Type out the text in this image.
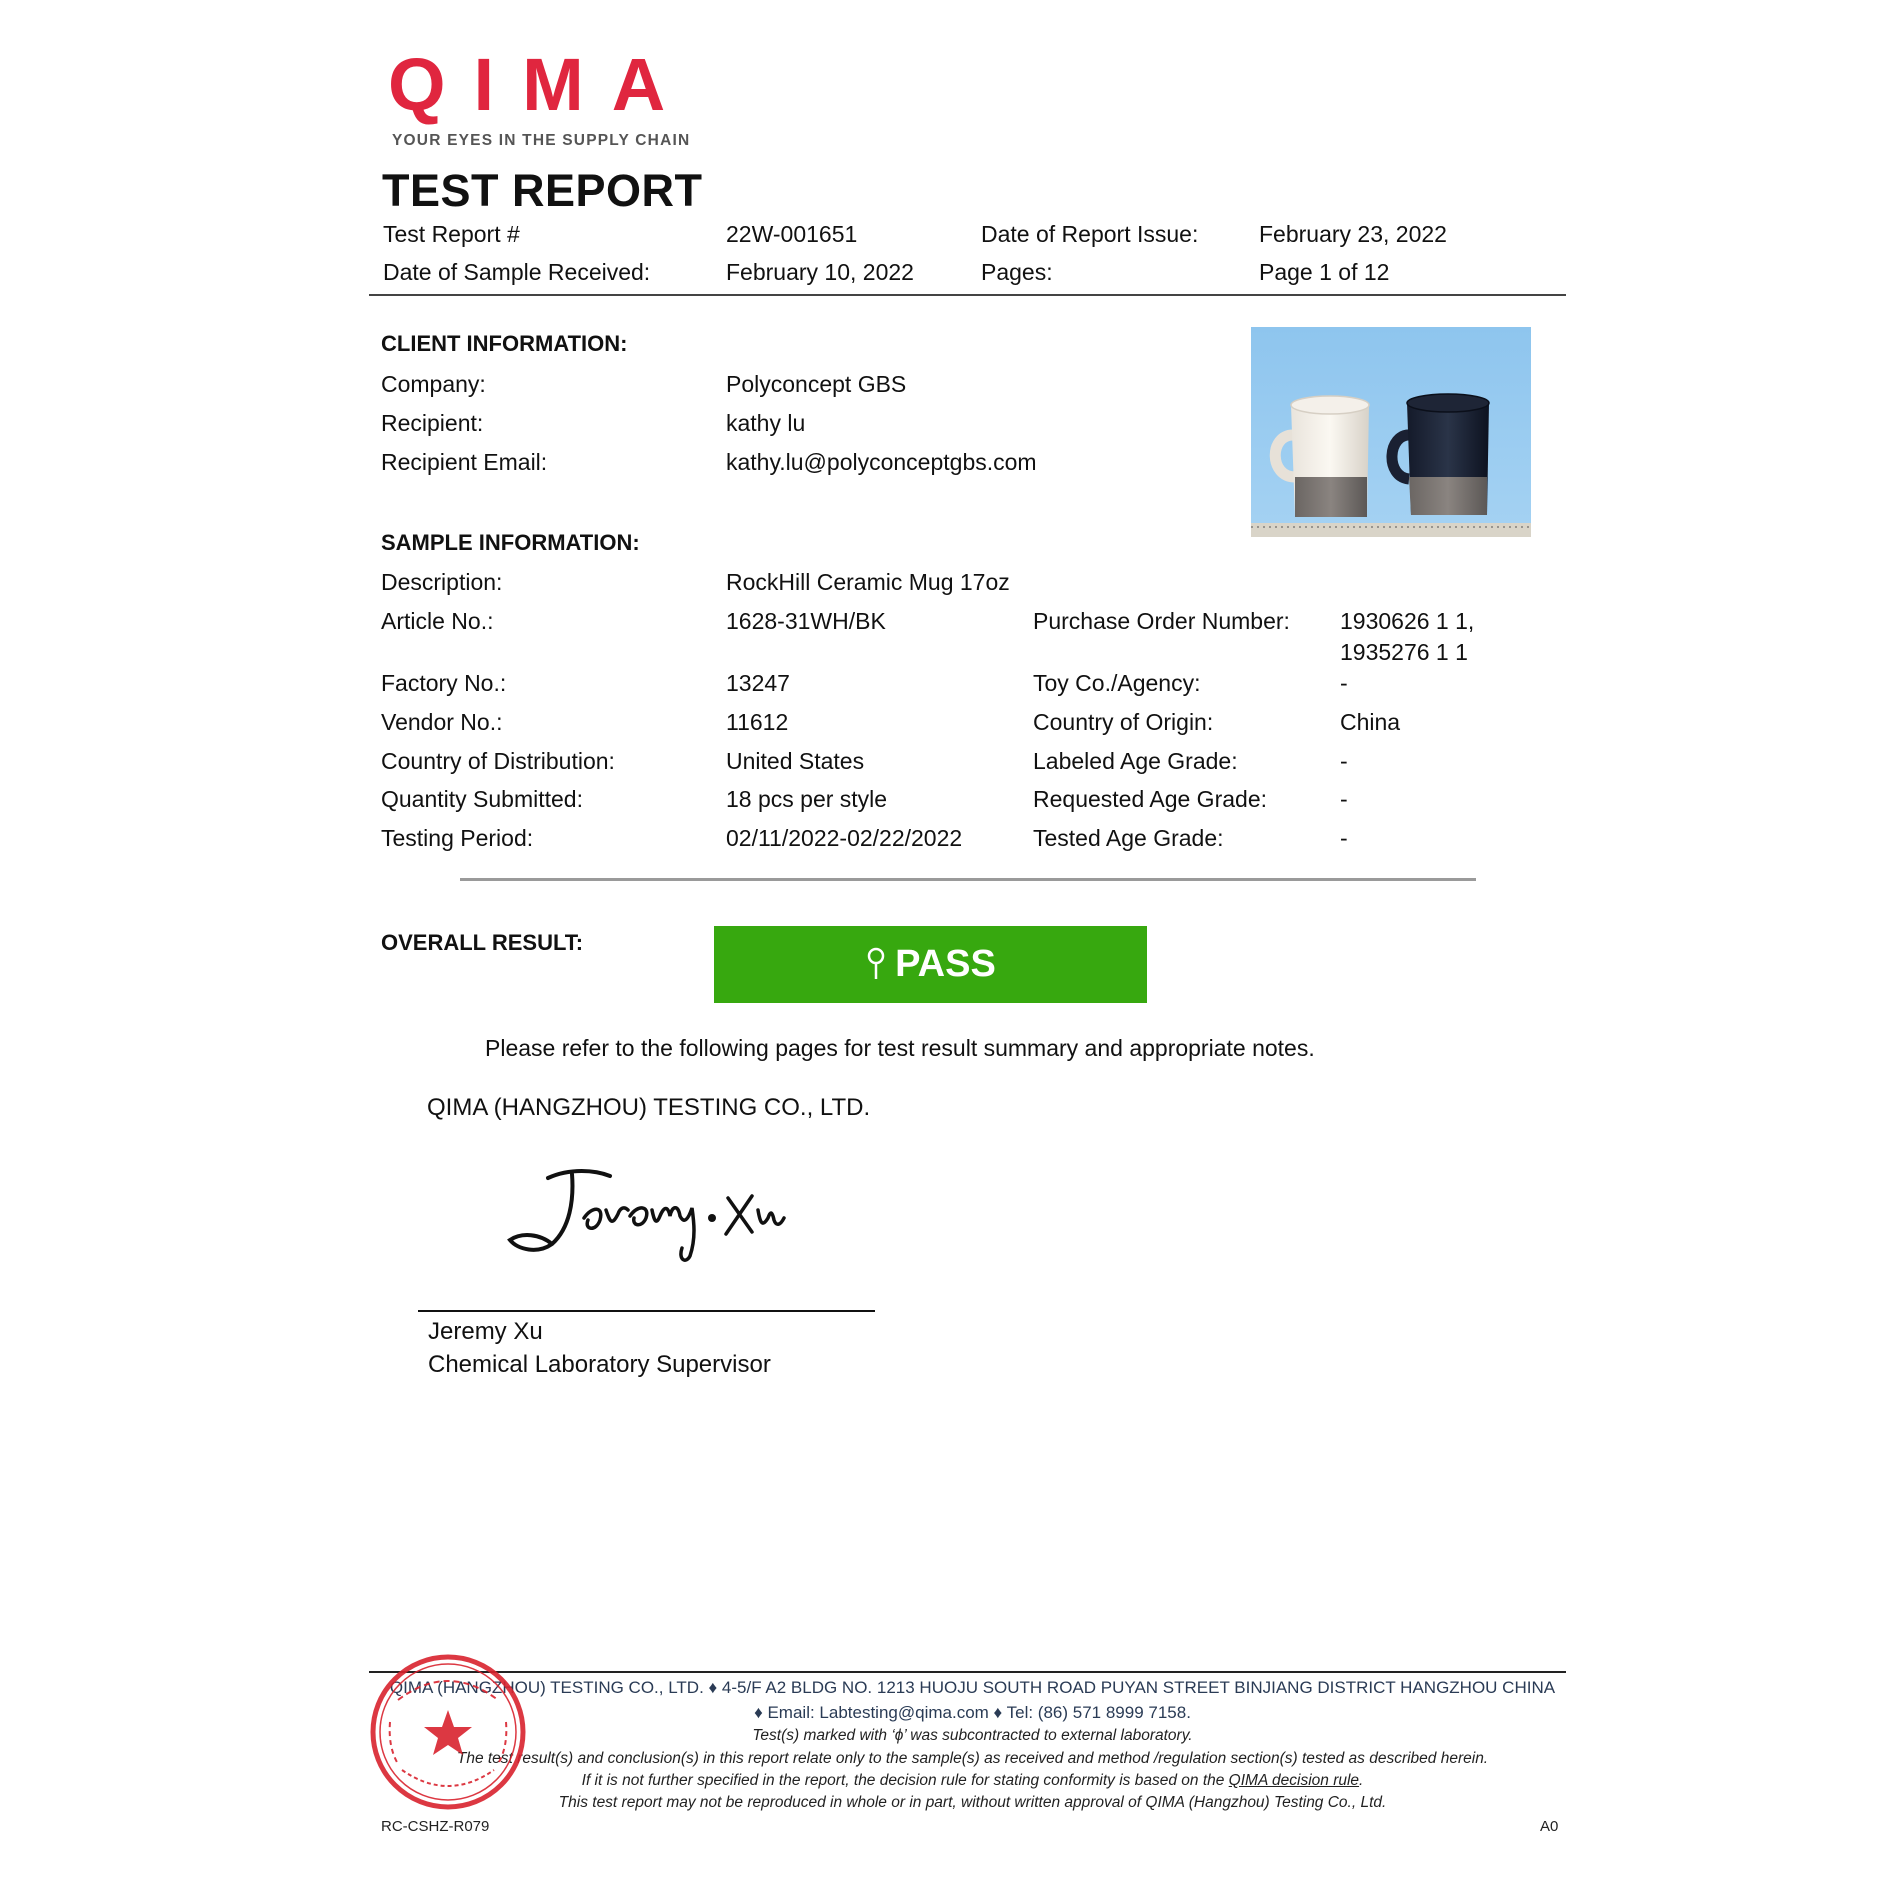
QIMA
YOUR EYES IN THE SUPPLY CHAIN
TEST REPORT
Test Report #	22W-001651	Date of Report Issue:	February 23, 2022
Date of Sample Received:	February 10, 2022	Pages:	Page 1 of 12
CLIENT INFORMATION:
Company:	Polyconcept GBS
Recipient:	kathy lu
Recipient Email:	kathy.lu@polyconceptgbs.com
SAMPLE INFORMATION:
Description:	RockHill Ceramic Mug 17oz
Article No.:	1628-31WH/BK	Purchase Order Number: 1930626 1 1,
1935276 1 1
Factory No.:	13247	Toy Co./Agency:	-
Vendor No.:	11612	Country of Origin:	China
Country of Distribution:	United States	Labeled Age Grade:	-
Quantity Submitted:	18 pcs per style	Requested Age Grade:	-
Testing Period:	02/11/2022-02/22/2022	Tested Age Grade:	-
OVERALL RESULT:
PASS
Please refer to the following pages for test result summary and appropriate notes.
QIMA (HANGZHOU) TESTING CO., LTD.
Jeremy Xu
Chemical Laboratory Supervisor
QIMA (HANGZHOU) TESTING CO., LTD. ♦ 4-5/F A2 BLDG NO. 1213 HUOJU SOUTH ROAD PUYAN STREET BINJIANG DISTRICT HANGZHOU CHINA
♦ Email: Labtesting@qima.com ♦ Tel: (86) 571 8999 7158.
Test(s) marked with ‘ϕ’ was subcontracted to external laboratory.
The test result(s) and conclusion(s) in this report relate only to the sample(s) as received and method /regulation section(s) tested as described herein.
If it is not further specified in the report, the decision rule for stating conformity is based on the QIMA decision rule.
This test report may not be reproduced in whole or in part, without written approval of QIMA (Hangzhou) Testing Co., Ltd.
RC-CSHZ-R079	A0
